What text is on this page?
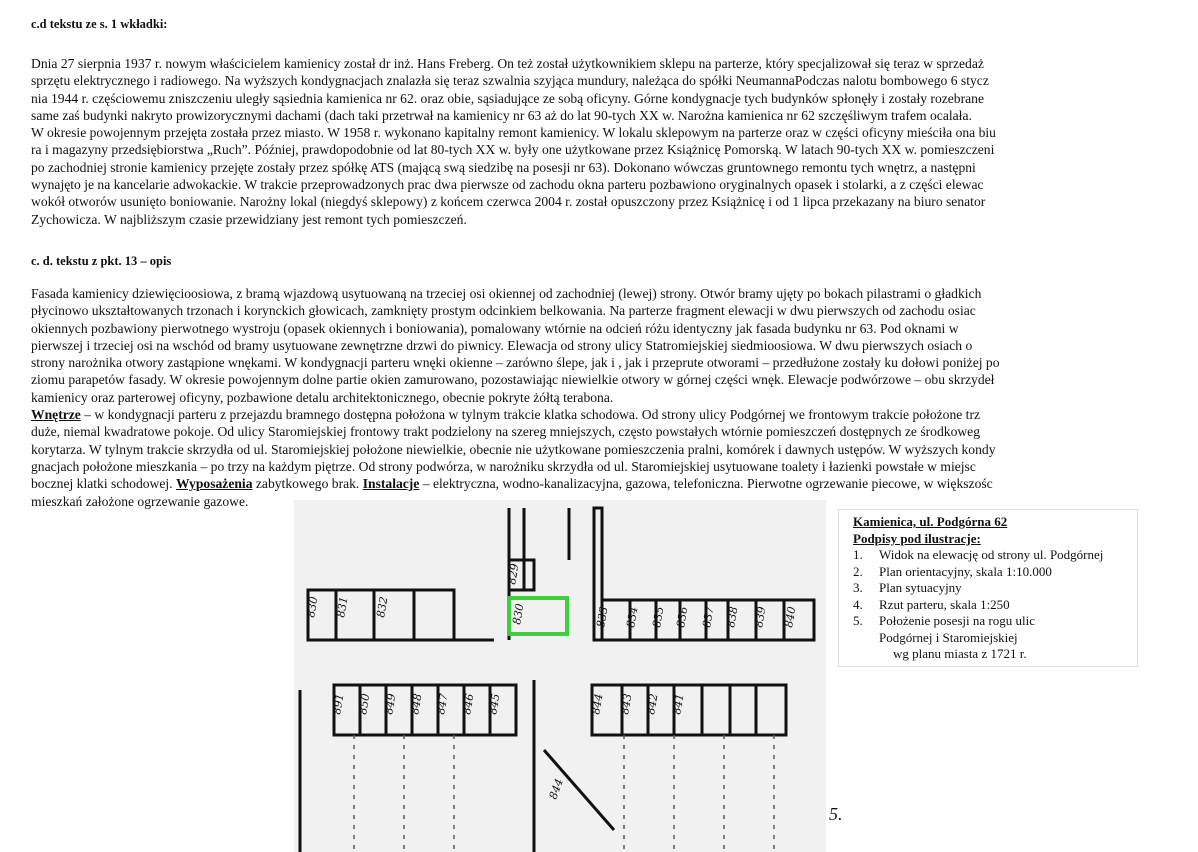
c.d tekstu ze s. 1 wkładki:
Dnia 27 sierpnia 1937 r. nowym właścicielem kamienicy został dr inż. Hans Freberg. On też został użytkownikiem sklepu na parterze, który specjalizował się teraz w sprzedaż
sprzętu elektrycznego i radiowego. Na wyższych kondygnacjach znalazła się teraz szwalnia szyjąca mundury, należąca do spółki NeumannaPodczas nalotu bombowego 6 stycz
nia 1944 r. częściowemu zniszczeniu uległy sąsiednia kamienica nr 62. oraz obie, sąsiadujące ze sobą oficyny. Górne kondygnacje tych budynków spłonęły i zostały rozebrane
same zaś budynki nakryto prowizorycznymi dachami (dach taki przetrwał na kamienicy nr 63 aż do lat 90-tych XX w. Narożna kamienica nr 62 szczęśliwym trafem ocalała.
W okresie powojennym przejęta została przez miasto. W 1958 r. wykonano kapitalny remont kamienicy. W lokalu sklepowym na parterze oraz w części oficyny mieściła ona biu
ra i magazyny przedsiębiorstwa „Ruch”. Później, prawdopodobnie od lat 80-tych XX w. były one użytkowane przez Książnicę Pomorską. W latach 90-tych XX w. pomieszczeni
po zachodniej stronie kamienicy przejęte zostały przez spółkę ATS (mającą swą siedzibę na posesji nr 63). Dokonano wówczas gruntownego remontu tych wnętrz, a następni
wynajęto je na kancelarie adwokackie. W trakcie przeprowadzonych prac dwa pierwsze od zachodu okna parteru pozbawiono oryginalnych opasek i stolarki, a z części elewac
wokół otworów usunięto boniowanie. Narożny lokal (niegdyś sklepowy) z końcem czerwca 2004 r. został opuszczony przez Książnicę i od 1 lipca przekazany na biuro senator
Zychowicza. W najbliższym czasie przewidziany jest remont tych pomieszczeń.
c. d. tekstu z pkt. 13 – opis
Fasada kamienicy dziewięcioosiowa, z bramą wjazdową usytuowaną na trzeciej osi okiennej od zachodniej (lewej) strony. Otwór bramy ujęty po bokach pilastrami o gładkich
płycinowo ukształtowanych trzonach i korynckich głowicach, zamknięty prostym odcinkiem belkowania. Na parterze fragment elewacji w dwu pierwszych od zachodu osiac
okiennych pozbawiony pierwotnego wystroju (opasek okiennych i boniowania), pomalowany wtórnie na odcień różu identyczny jak fasada budynku nr 63. Pod oknami w
pierwszej i trzeciej osi na wschód od bramy usytuowane zewnętrzne drzwi do piwnicy. Elewacja od strony ulicy Statromiejskiej siedmioosiowa. W dwu pierwszych osiach o
strony narożnika otwory zastąpione wnękami. W kondygnacji parteru wnęki okienne – zarówno ślepe, jak i , jak i przeprute otworami – przedłużone zostały ku dołowi poniżej po
ziomu parapetów fasady. W okresie powojennym dolne partie okien zamurowano, pozostawiając niewielkie otwory w górnej części wnęk. Elewacje podwórzowe – obu skrzydeł
kamienicy oraz parterowej oficyny, pozbawione detalu architektonicznego, obecnie pokryte żółtą terabona.
Wnętrze – w kondygnacji parteru z przejazdu bramnego dostępna położona w tylnym trakcie klatka schodowa. Od strony ulicy Podgórnej we frontowym trakcie położone trz
duże, niemal kwadratowe pokoje. Od ulicy Staromiejskiej frontowy trakt podzielony na szereg mniejszych, często powstałych wtórnie pomieszczeń dostępnych ze środkoweg
korytarza. W tylnym trakcie skrzydła od ul. Staromiejskiej położone niewielkie, obecnie nie użytkowane pomieszczenia pralni, komórek i dawnych ustępów. W wyższych kondy
gnacjach położone mieszkania – po trzy na każdym piętrze. Od strony podwórza, w narożniku skrzydła od ul. Staromiejskiej usytuowane toalety i łazienki powstałe w miejsc
bocznej klatki schodowej. Wyposażenia zabytkowego brak. Instalacje – elektryczna, wodno-kanalizacyjna, gazowa, telefoniczna. Pierwotne ogrzewanie piecowe, w większośc
mieszkań założone ogrzewanie gazowe.
830 831 832
829
830	833 834 835 836 837 838 839 840
891 850 849 848 847 846 845	844 843 842 841
844
5.
Kamienica, ul. Podgórna 62
Podpisy pod ilustracje:
1. Widok na elewację od strony ul. Podgórnej
2. Plan orientacyjny, skala 1:10.000
3. Plan sytuacyjny
4. Rzut parteru, skala 1:250
5. Położenie posesji na rogu ulic
Podgórnej i Staromiejskiej
wg planu miasta z 1721 r.
